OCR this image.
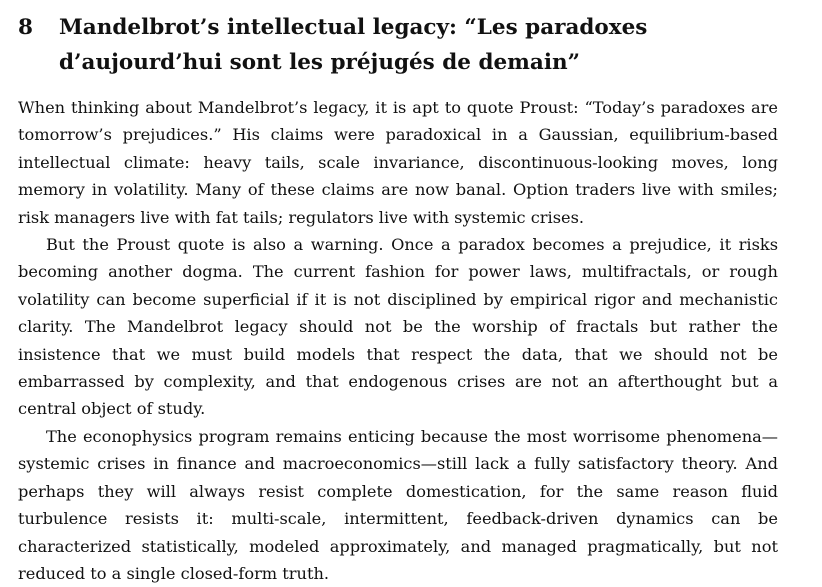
8	Mandelbrot’s intellectual legacy: “Les paradoxes d’aujourd’hui sont les préjugés de demain”

When thinking about Mandelbrot’s legacy, it is apt to quote Proust: “Today’s paradoxes are tomorrow’s prejudices.” His claims were paradoxical in a Gaussian, equilibrium-based intellectual climate: heavy tails, scale invariance, discontinuous-looking moves, long memory in volatility. Many of these claims are now banal. Option traders live with smiles; risk managers live with fat tails; regulators live with systemic crises.

But the Proust quote is also a warning. Once a paradox becomes a prejudice, it risks becoming another dogma. The current fashion for power laws, multifractals, or rough volatility can become superficial if it is not disciplined by empirical rigor and mechanistic clarity. The Mandelbrot legacy should not be the worship of fractals but rather the insistence that we must build models that respect the data, that we should not be embarrassed by complexity, and that endogenous crises are not an afterthought but a central object of study.

The econophysics program remains enticing because the most worrisome phenomena—systemic crises in finance and macroeconomics—still lack a fully satisfactory theory. And perhaps they will always resist complete domestication, for the same reason fluid turbulence resists it: multi-scale, intermittent, feedback-driven dynamics can be characterized statistically, modeled approximately, and managed pragmatically, but not reduced to a single closed-form truth.
